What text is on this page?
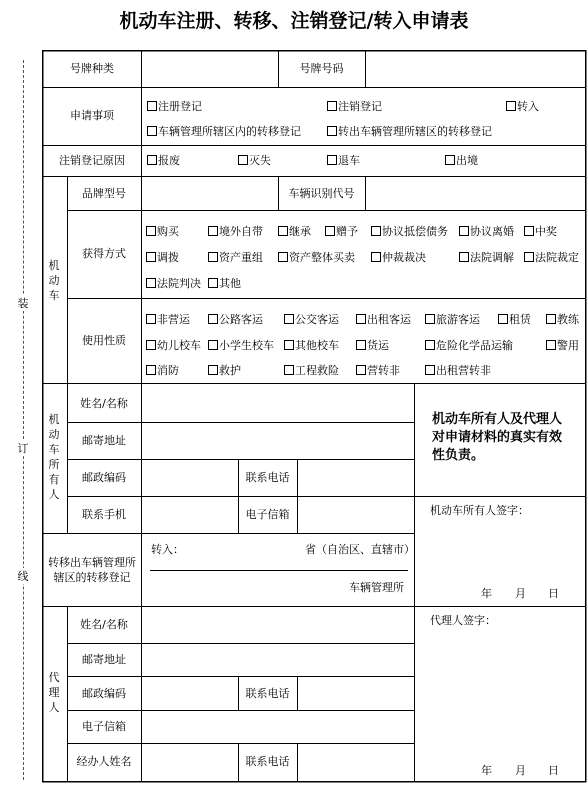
机动车注册、转移、注销登记/转入申请表
装
订
线
号牌种类	号牌号码
申请事项
注册登记	注销登记	转入
车辆管理所辖区内的转移登记	转出车辆管理所辖区的转移登记
注销登记原因	报废	灭失	退车	出境
机动车
品牌型号	车辆识别代号
获得方式
购买	境外自带	继承	赠予	协议抵偿债务	协议离婚	中奖
调拨	资产重组	资产整体买卖	仲裁裁决	法院调解	法院裁定
法院判决	其他
使用性质
非营运	公路客运	公交客运	出租客运	旅游客运	租赁	教练
幼儿校车	小学生校车	其他校车	货运	危险化学品运输	警用
消防	救护	工程救险	营转非	出租营转非
机动车所有人
姓名/名称
邮寄地址
邮政编码	联系电话
联系手机	电子信箱
机动车所有人及代理人对申请材料的真实有效性负责。
机动车所有人签字：
年 月 日
转移出车辆管理所辖区的转移登记
转入：	省（自治区、直辖市）
车辆管理所
代理人
姓名/名称
邮寄地址
邮政编码	联系电话
电子信箱
经办人姓名	联系电话
代理人签字：
年 月 日
